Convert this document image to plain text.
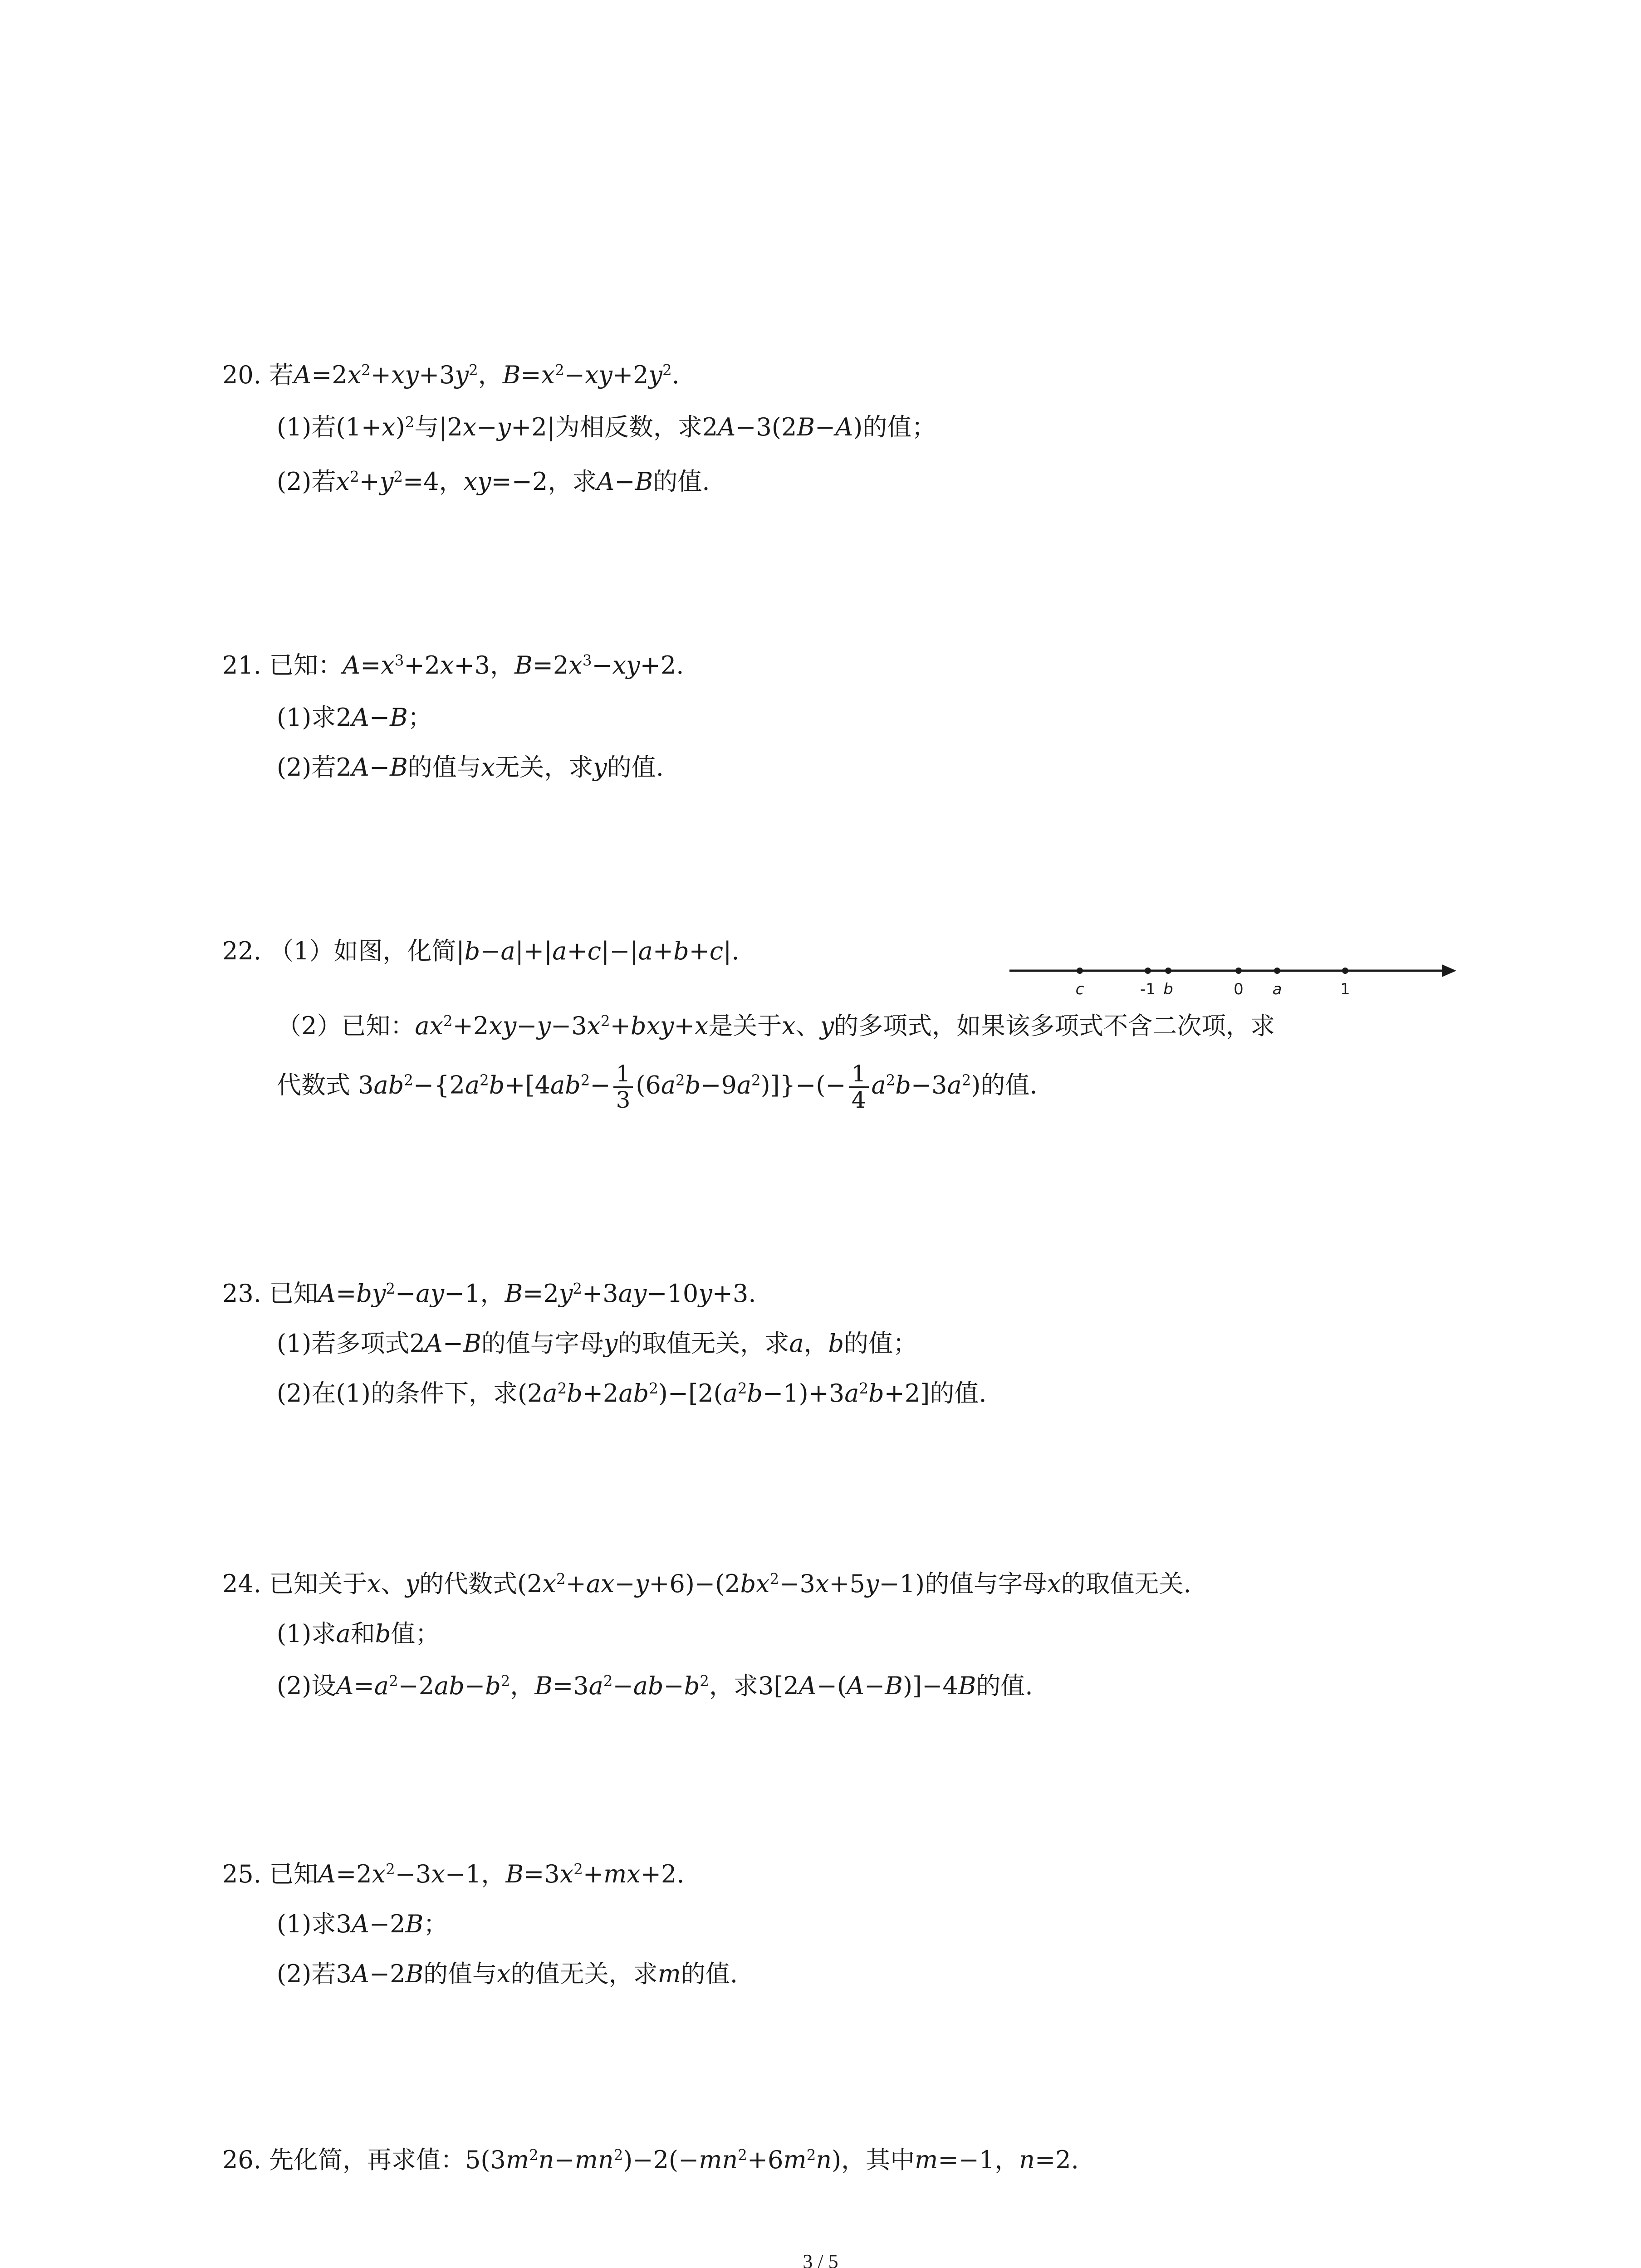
20. 若$A=2x^2+xy+3y^2$，$B=x^2-xy+2y^2$.
(1)若$(1+x)^2$与|2x−y+2|为相反数，求2A−3(2B−A)的值；
(2)若$x^2+y^2=4$，xy=−2，求A−B的值.
21. 已知：$A=x^3+2x+3$，$B=2x^3-xy+2$.
(1)求2A−B；
(2)若2A−B的值与x无关，求y的值.
22. （1）如图，化简|b−a|+|a+c|−|a+b+c|.
c	-1 b	0 a	1
（2）已知：$ax^2+2xy-y-3x^2+bxy+x$是关于x、y的多项式，如果该多项式不含二次项，求
代数式 $3ab^2-\{2a^2b+[4ab^2- \frac{1}{3} (6a^2b-9a^2)]\}-(- \frac{1}{4} a^2b-3a^2)$的值.
23. 已知$A=by^2-ay-1$，$B=2y^2+3ay-10y+3$.
(1)若多项式2A−B的值与字母y的取值无关，求a，b的值；
(2)在(1)的条件下，求$(2a^2b+2ab^2)-[2(a^2b-1)+3a^2b+2]$的值.
24. 已知关于x、y的代数式$(2x^2+ax-y+6)-(2bx^2-3x+5y-1)$的值与字母x的取值无关.
(1)求a和b值；
(2)设$A=a^2-2ab-b^2$，$B=3a^2-ab-b^2$，求3[2A−(A−B)]−4B的值.
25. 已知$A=2x^2-3x-1$，$B=3x^2+mx+2$.
(1)求3A−2B；
(2)若3A−2B的值与x的值无关，求m的值.
26. 先化简，再求值：$5(3m^2n-mn^2)-2(-mn^2+6m^2n)$，其中m=−1，n=2.
3 / 5
